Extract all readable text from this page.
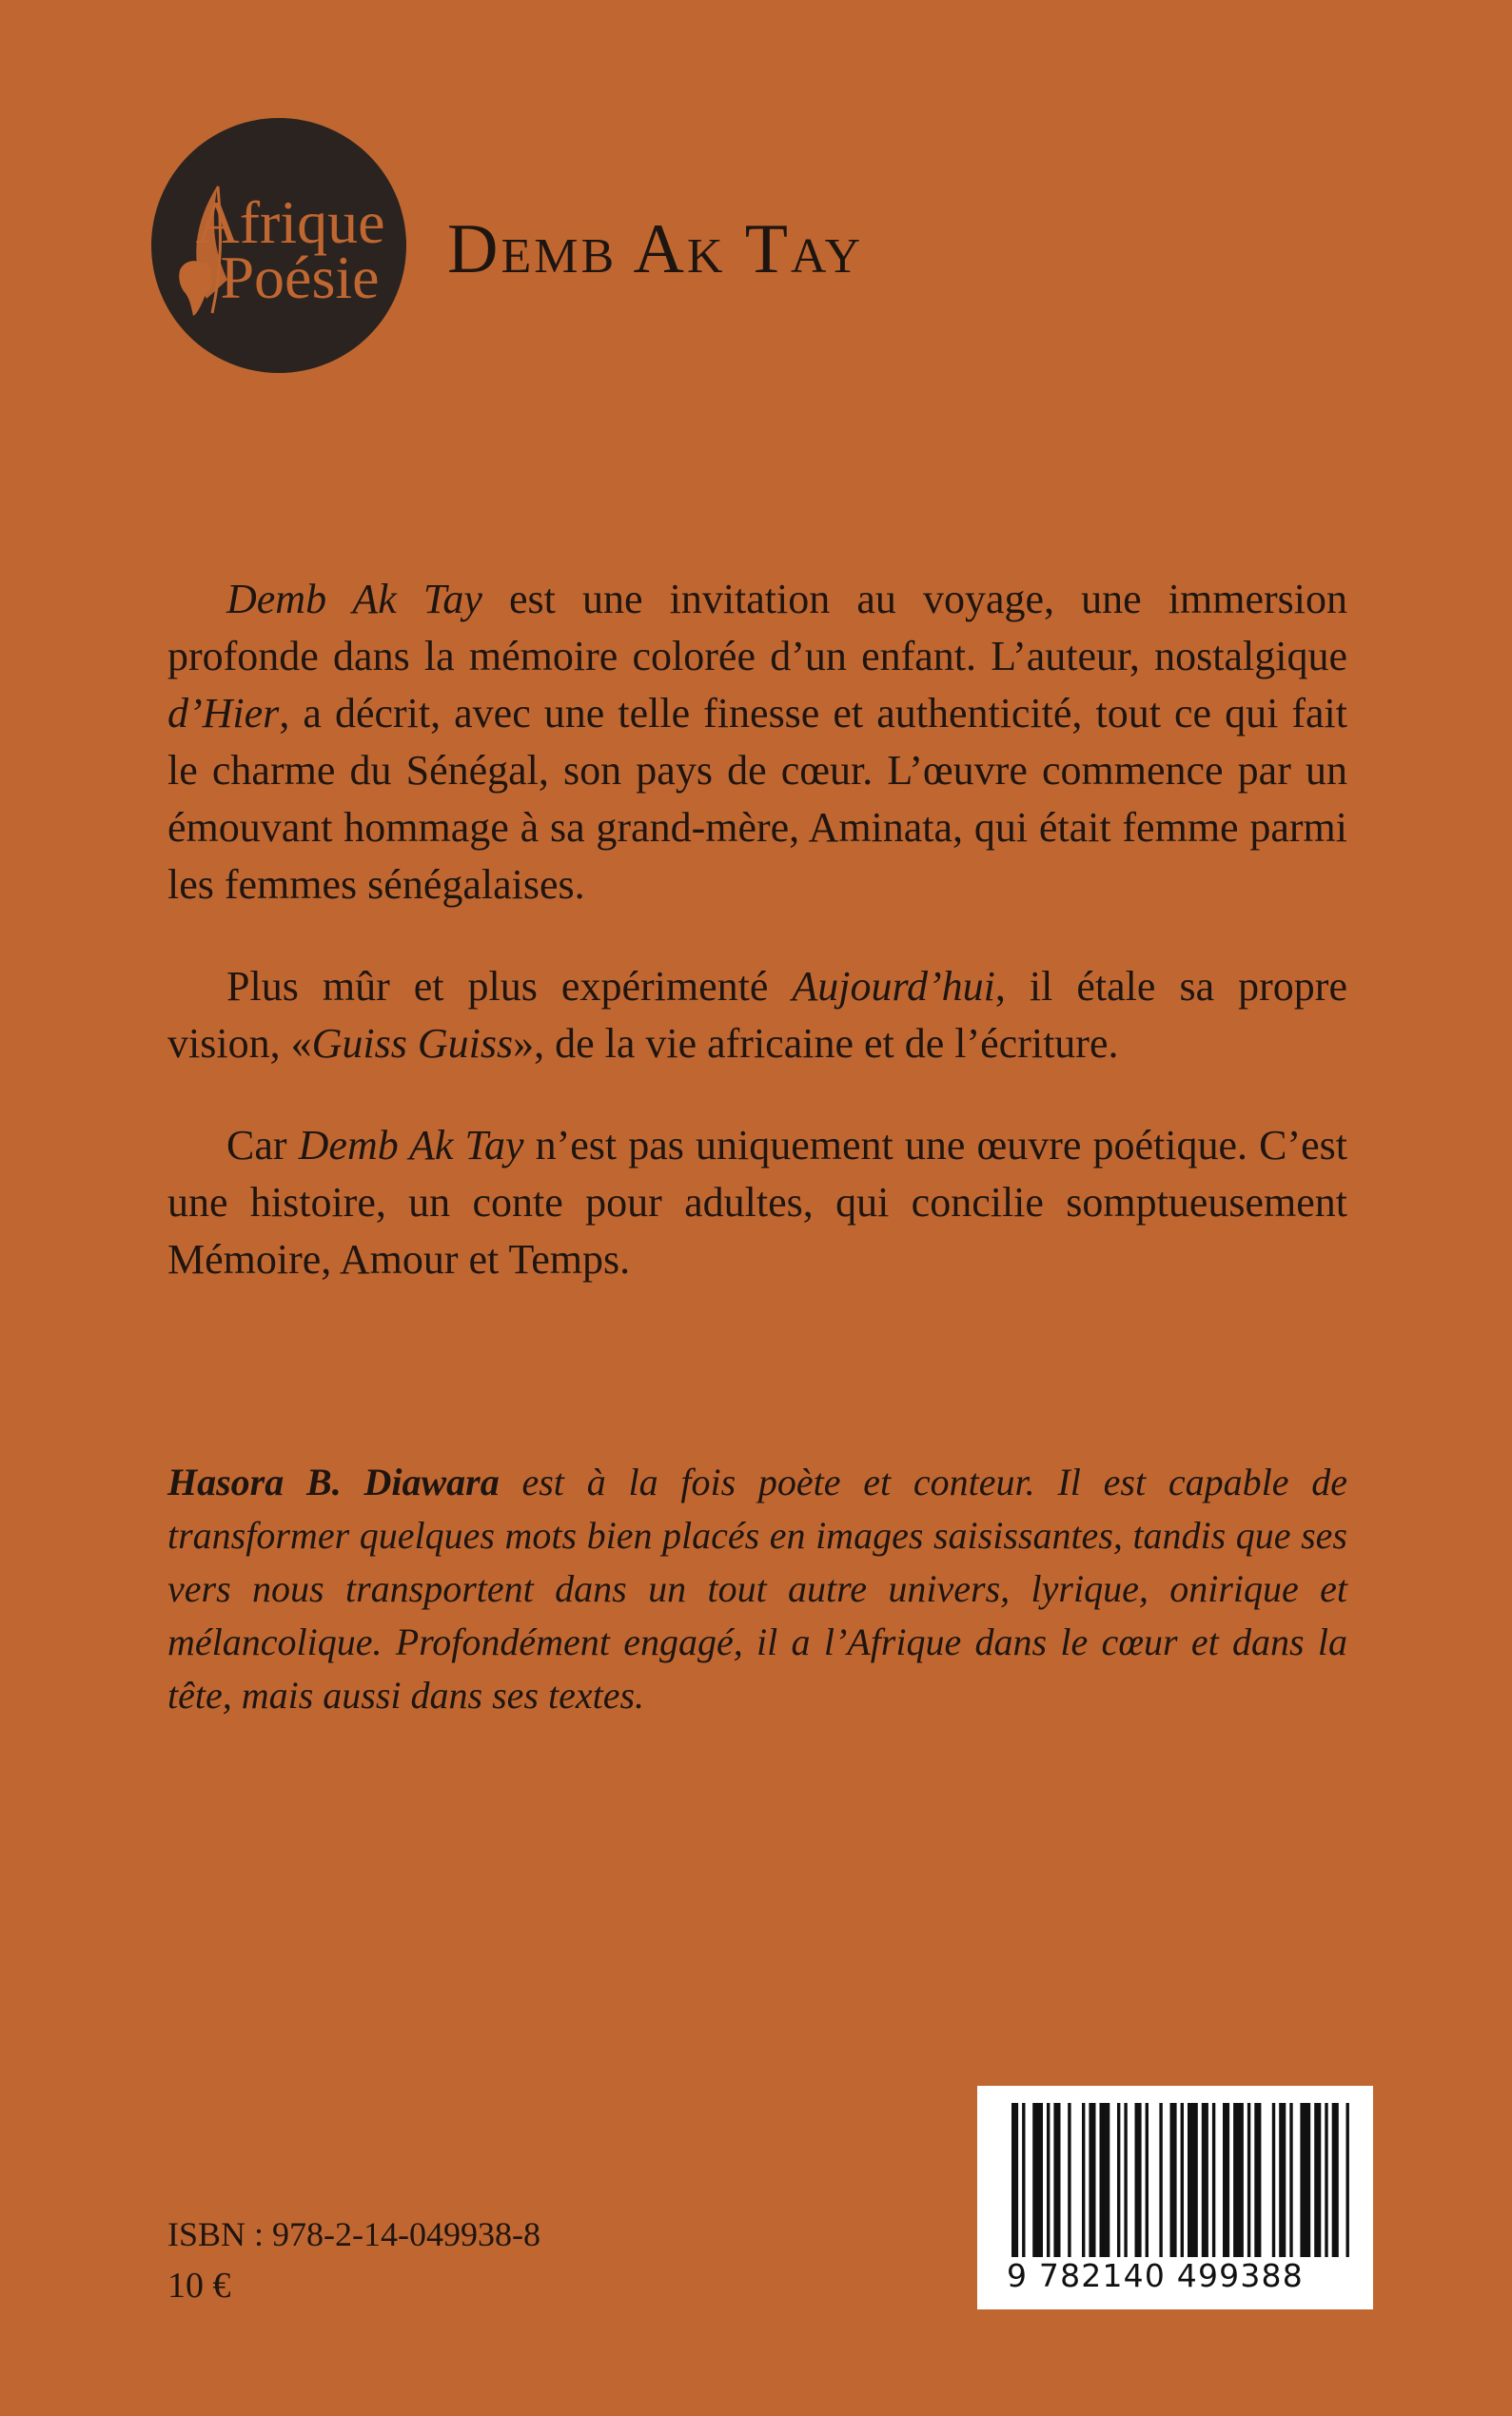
Afrique
Poésie Demb Ak Tay

Demb Ak Tay est une invitation au voyage, une immersion profonde dans la mémoire colorée d’un enfant. L’auteur, nostalgique d’Hier, a décrit, avec une telle finesse et authenticité, tout ce qui fait le charme du Sénégal, son pays de cœur. L’œuvre commence par un émouvant hommage à sa grand-mère, Aminata, qui était femme parmi les femmes sénégalaises.

Plus mûr et plus expérimenté Aujourd’hui, il étale sa propre vision, «Guiss Guiss», de la vie africaine et de l’écriture.

Car Demb Ak Tay n’est pas uniquement une œuvre poétique. C’est une histoire, un conte pour adultes, qui concilie somptueusement Mémoire, Amour et Temps.

Hasora B. Diawara est à la fois poète et conteur. Il est capable de transformer quelques mots bien placés en images saisissantes, tandis que ses vers nous transportent dans un tout autre univers, lyrique, onirique et mélancolique. Profondément engagé, il a l’Afrique dans le cœur et dans la tête, mais aussi dans ses textes.
ISBN : 978-2-14-049938-8
10 €	9 782140 499388
